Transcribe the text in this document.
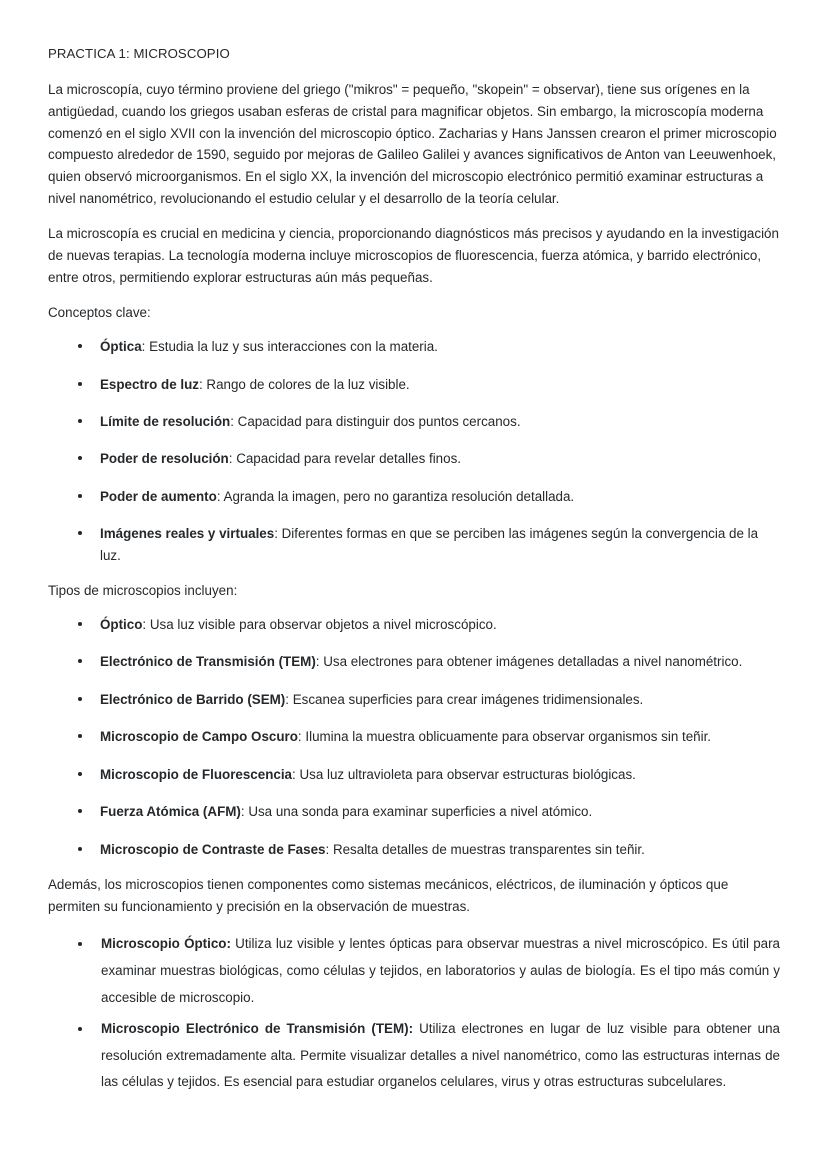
PRACTICA 1: MICROSCOPIO

La microscopía, cuyo término proviene del griego ("mikros" = pequeño, "skopein" = observar), tiene sus orígenes en la antigüedad, cuando los griegos usaban esferas de cristal para magnificar objetos. Sin embargo, la microscopía moderna comenzó en el siglo XVII con la invención del microscopio óptico. Zacharias y Hans Janssen crearon el primer microscopio compuesto alrededor de 1590, seguido por mejoras de Galileo Galilei y avances significativos de Anton van Leeuwenhoek, quien observó microorganismos. En el siglo XX, la invención del microscopio electrónico permitió examinar estructuras a nivel nanométrico, revolucionando el estudio celular y el desarrollo de la teoría celular.

La microscopía es crucial en medicina y ciencia, proporcionando diagnósticos más precisos y ayudando en la investigación de nuevas terapias. La tecnología moderna incluye microscopios de fluorescencia, fuerza atómica, y barrido electrónico, entre otros, permitiendo explorar estructuras aún más pequeñas.

Conceptos clave:

Óptica: Estudia la luz y sus interacciones con la materia.
Espectro de luz: Rango de colores de la luz visible.
Límite de resolución: Capacidad para distinguir dos puntos cercanos.
Poder de resolución: Capacidad para revelar detalles finos.
Poder de aumento: Agranda la imagen, pero no garantiza resolución detallada.
Imágenes reales y virtuales: Diferentes formas en que se perciben las imágenes según la convergencia de la luz.

Tipos de microscopios incluyen:

Óptico: Usa luz visible para observar objetos a nivel microscópico.
Electrónico de Transmisión (TEM): Usa electrones para obtener imágenes detalladas a nivel nanométrico.
Electrónico de Barrido (SEM): Escanea superficies para crear imágenes tridimensionales.
Microscopio de Campo Oscuro: Ilumina la muestra oblicuamente para observar organismos sin teñir.
Microscopio de Fluorescencia: Usa luz ultravioleta para observar estructuras biológicas.
Fuerza Atómica (AFM): Usa una sonda para examinar superficies a nivel atómico.
Microscopio de Contraste de Fases: Resalta detalles de muestras transparentes sin teñir.

Además, los microscopios tienen componentes como sistemas mecánicos, eléctricos, de iluminación y ópticos que permiten su funcionamiento y precisión en la observación de muestras.

Microscopio Óptico: Utiliza luz visible y lentes ópticas para observar muestras a nivel microscópico. Es útil para examinar muestras biológicas, como células y tejidos, en laboratorios y aulas de biología. Es el tipo más común y accesible de microscopio.
Microscopio Electrónico de Transmisión (TEM): Utiliza electrones en lugar de luz visible para obtener una resolución extremadamente alta. Permite visualizar detalles a nivel nanométrico, como las estructuras internas de las células y tejidos. Es esencial para estudiar organelos celulares, virus y otras estructuras subcelulares.
